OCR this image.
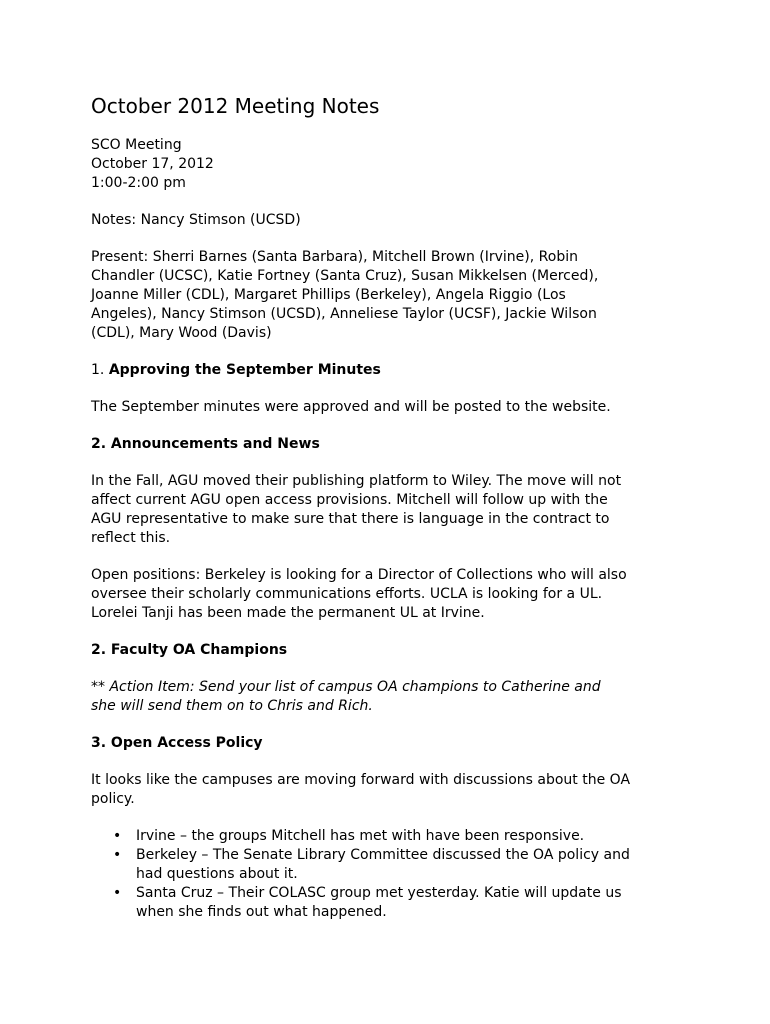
October 2012 Meeting Notes
SCO Meeting
October 17, 2012
1:00-2:00 pm
Notes: Nancy Stimson (UCSD)
Present: Sherri Barnes (Santa Barbara), Mitchell Brown (Irvine), Robin
Chandler (UCSC), Katie Fortney (Santa Cruz), Susan Mikkelsen (Merced),
Joanne Miller (CDL), Margaret Phillips (Berkeley), Angela Riggio (Los
Angeles), Nancy Stimson (UCSD), Anneliese Taylor (UCSF), Jackie Wilson
(CDL), Mary Wood (Davis)
1. Approving the September Minutes
The September minutes were approved and will be posted to the website.
2. Announcements and News
In the Fall, AGU moved their publishing platform to Wiley. The move will not
affect current AGU open access provisions. Mitchell will follow up with the
AGU representative to make sure that there is language in the contract to
reflect this.
Open positions: Berkeley is looking for a Director of Collections who will also
oversee their scholarly communications efforts. UCLA is looking for a UL.
Lorelei Tanji has been made the permanent UL at Irvine.
2. Faculty OA Champions
** Action Item: Send your list of campus OA champions to Catherine and
she will send them on to Chris and Rich.
3. Open Access Policy
It looks like the campuses are moving forward with discussions about the OA
policy.
• Irvine – the groups Mitchell has met with have been responsive.
• Berkeley – The Senate Library Committee discussed the OA policy and
had questions about it.
• Santa Cruz – Their COLASC group met yesterday. Katie will update us
when she finds out what happened.
